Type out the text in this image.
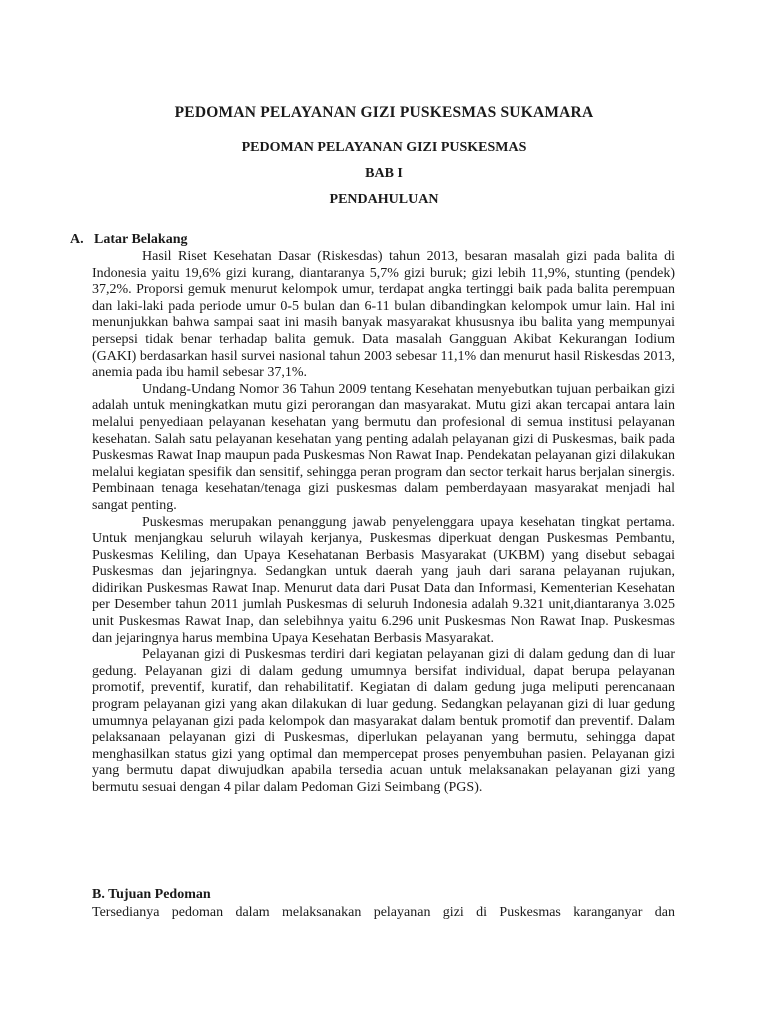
PEDOMAN PELAYANAN GIZI PUSKESMAS SUKAMARA
PEDOMAN PELAYANAN GIZI PUSKESMAS
BAB I
PENDAHULUAN
A. Latar Belakang

Hasil Riset Kesehatan Dasar (Riskesdas) tahun 2013, besaran masalah gizi pada balita di Indonesia yaitu 19,6% gizi kurang, diantaranya 5,7% gizi buruk; gizi lebih 11,9%, stunting (pendek) 37,2%. Proporsi gemuk menurut kelompok umur, terdapat angka tertinggi baik pada balita perempuan dan laki-laki pada periode umur 0-5 bulan dan 6-11 bulan dibandingkan kelompok umur lain. Hal ini menunjukkan bahwa sampai saat ini masih banyak masyarakat khususnya ibu balita yang mempunyai persepsi tidak benar terhadap balita gemuk. Data masalah Gangguan Akibat Kekurangan Iodium (GAKI) berdasarkan hasil survei nasional tahun 2003 sebesar 11,1% dan menurut hasil Riskesdas 2013, anemia pada ibu hamil sebesar 37,1%.

Undang-Undang Nomor 36 Tahun 2009 tentang Kesehatan menyebutkan tujuan perbaikan gizi adalah untuk meningkatkan mutu gizi perorangan dan masyarakat. Mutu gizi akan tercapai antara lain melalui penyediaan pelayanan kesehatan yang bermutu dan profesional di semua institusi pelayanan kesehatan. Salah satu pelayanan kesehatan yang penting adalah pelayanan gizi di Puskesmas, baik pada Puskesmas Rawat Inap maupun pada Puskesmas Non Rawat Inap. Pendekatan pelayanan gizi dilakukan melalui kegiatan spesifik dan sensitif, sehingga peran program dan sector terkait harus berjalan sinergis. Pembinaan tenaga kesehatan/tenaga gizi puskesmas dalam pemberdayaan masyarakat menjadi hal sangat penting.

Puskesmas merupakan penanggung jawab penyelenggara upaya kesehatan tingkat pertama. Untuk menjangkau seluruh wilayah kerjanya, Puskesmas diperkuat dengan Puskesmas Pembantu, Puskesmas Keliling, dan Upaya Kesehatanan Berbasis Masyarakat (UKBM) yang disebut sebagai Puskesmas dan jejaringnya. Sedangkan untuk daerah yang jauh dari sarana pelayanan rujukan, didirikan Puskesmas Rawat Inap. Menurut data dari Pusat Data dan Informasi, Kementerian Kesehatan per Desember tahun 2011 jumlah Puskesmas di seluruh Indonesia adalah 9.321 unit,diantaranya 3.025 unit Puskesmas Rawat Inap, dan selebihnya yaitu 6.296 unit Puskesmas Non Rawat Inap. Puskesmas dan jejaringnya harus membina Upaya Kesehatan Berbasis Masyarakat.

Pelayanan gizi di Puskesmas terdiri dari kegiatan pelayanan gizi di dalam gedung dan di luar gedung. Pelayanan gizi di dalam gedung umumnya bersifat individual, dapat berupa pelayanan promotif, preventif, kuratif, dan rehabilitatif. Kegiatan di dalam gedung juga meliputi perencanaan program pelayanan gizi yang akan dilakukan di luar gedung. Sedangkan pelayanan gizi di luar gedung umumnya pelayanan gizi pada kelompok dan masyarakat dalam bentuk promotif dan preventif. Dalam pelaksanaan pelayanan gizi di Puskesmas, diperlukan pelayanan yang bermutu, sehingga dapat menghasilkan status gizi yang optimal dan mempercepat proses penyembuhan pasien. Pelayanan gizi yang bermutu dapat diwujudkan apabila tersedia acuan untuk melaksanakan pelayanan gizi yang bermutu sesuai dengan 4 pilar dalam Pedoman Gizi Seimbang (PGS).

B. Tujuan Pedoman

Tersedianya pedoman dalam melaksanakan pelayanan gizi di Puskesmas karanganyar dan
